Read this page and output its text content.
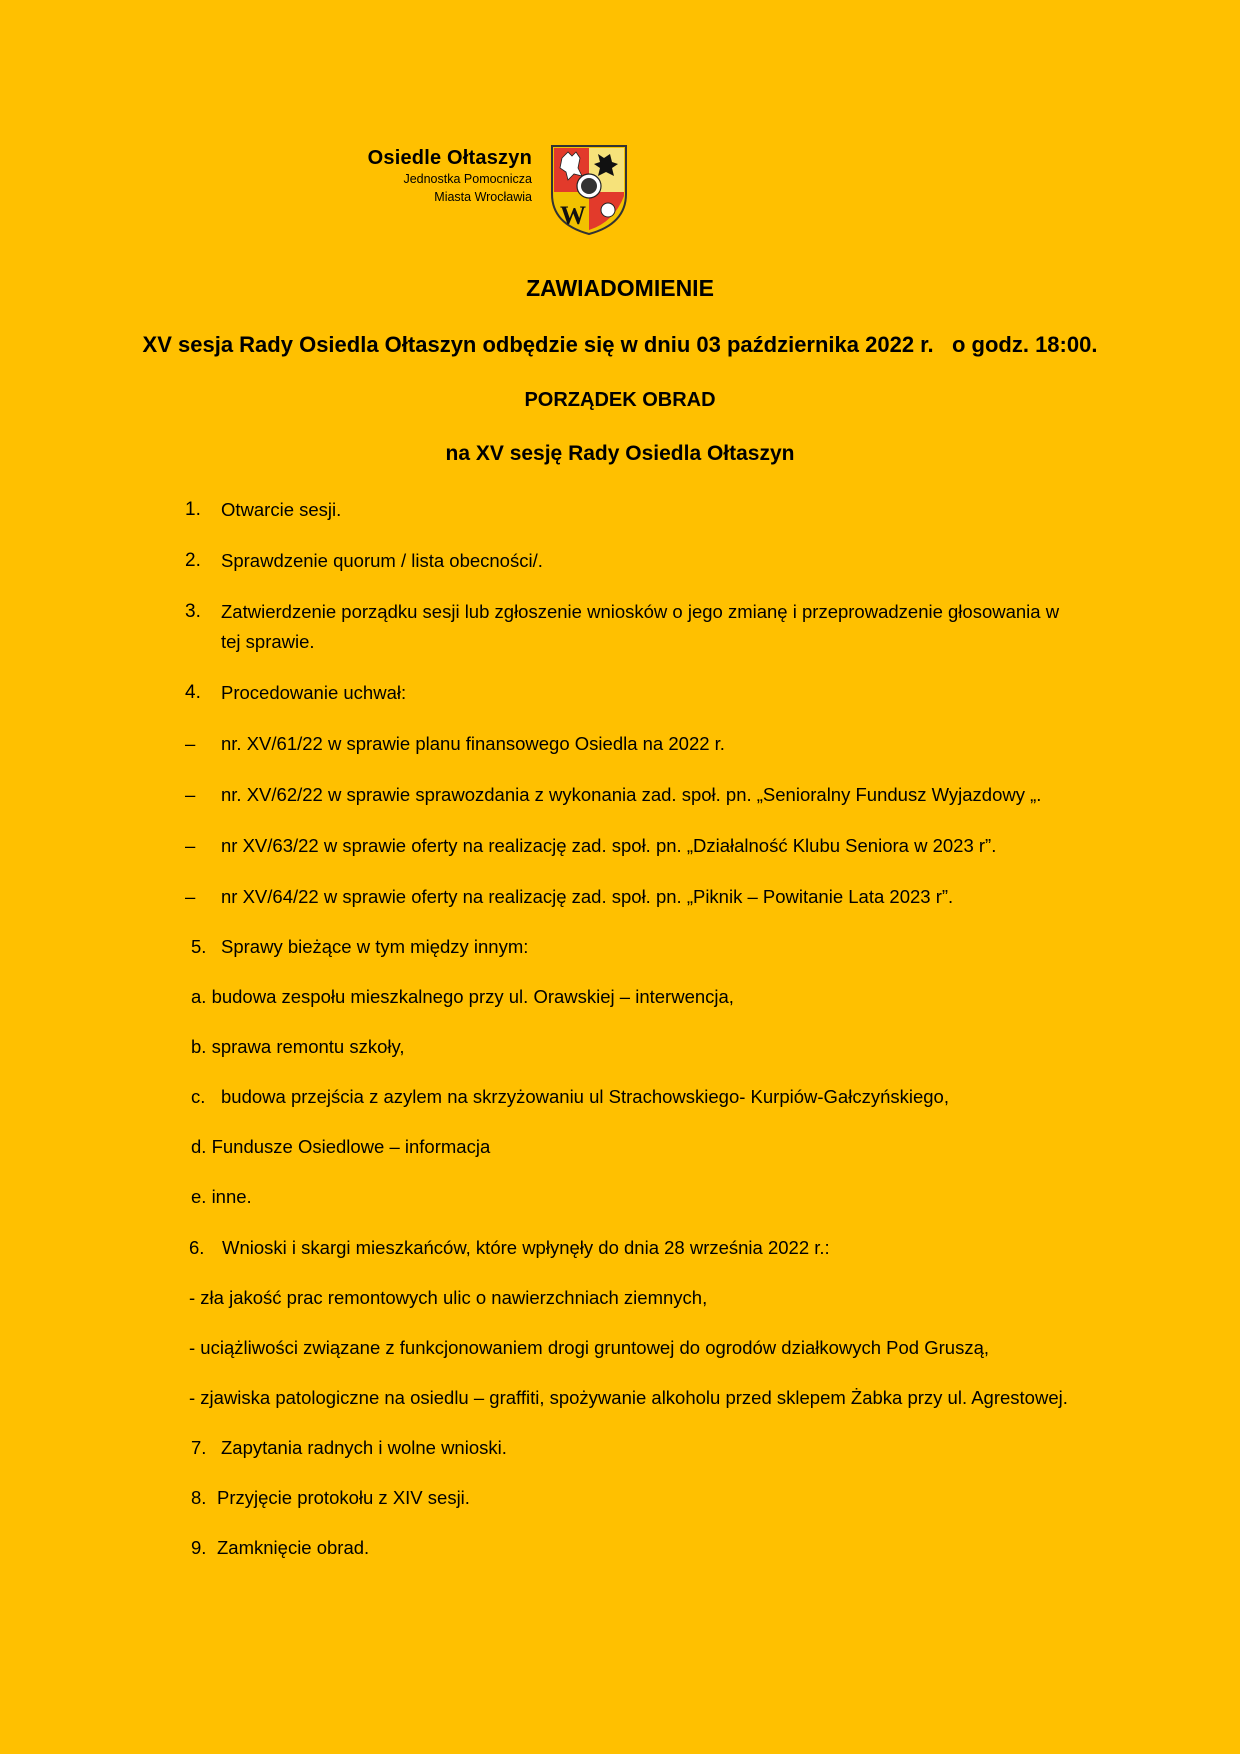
Osiedle Ołtaszyn
Jednostka Pomocnicza
Miasta Wrocławia
W
ZAWIADOMIENIE
XV sesja Rady Osiedla Ołtaszyn odbędzie się w dniu 03 października 2022 r.   o godz. 18:00.
PORZĄDEK OBRAD
na XV sesję Rady Osiedla Ołtaszyn
1. Otwarcie sesji.
2. Sprawdzenie quorum / lista obecności/.
3. Zatwierdzenie porządku sesji lub zgłoszenie wniosków o jego zmianę i przeprowadzenie głosowania w
tej sprawie.
4. Procedowanie uchwał:
– nr. XV/61/22 w sprawie planu finansowego Osiedla na 2022 r.
– nr. XV/62/22 w sprawie sprawozdania z wykonania zad. społ. pn. „Senioralny Fundusz Wyjazdowy „.
– nr XV/63/22 w sprawie oferty na realizację zad. społ. pn. „Działalność Klubu Seniora w 2023 r”.
– nr XV/64/22 w sprawie oferty na realizację zad. społ. pn. „Piknik – Powitanie Lata 2023 r”.
5. Sprawy bieżące w tym między innym:
a. budowa zespołu mieszkalnego przy ul. Orawskiej – interwencja,
b. sprawa remontu szkoły,
c. budowa przejścia z azylem na skrzyżowaniu ul Strachowskiego- Kurpiów-Gałczyńskiego,
d. Fundusze Osiedlowe – informacja
e. inne.
6. Wnioski i skargi mieszkańców, które wpłynęły do dnia 28 września 2022 r.:
- zła jakość prac remontowych ulic o nawierzchniach ziemnych,
- uciążliwości związane z funkcjonowaniem drogi gruntowej do ogrodów działkowych Pod Gruszą,
- zjawiska patologiczne na osiedlu – graffiti, spożywanie alkoholu przed sklepem Żabka przy ul. Agrestowej.
7. Zapytania radnych i wolne wnioski.
8. Przyjęcie protokołu z XIV sesji.
9. Zamknięcie obrad.
